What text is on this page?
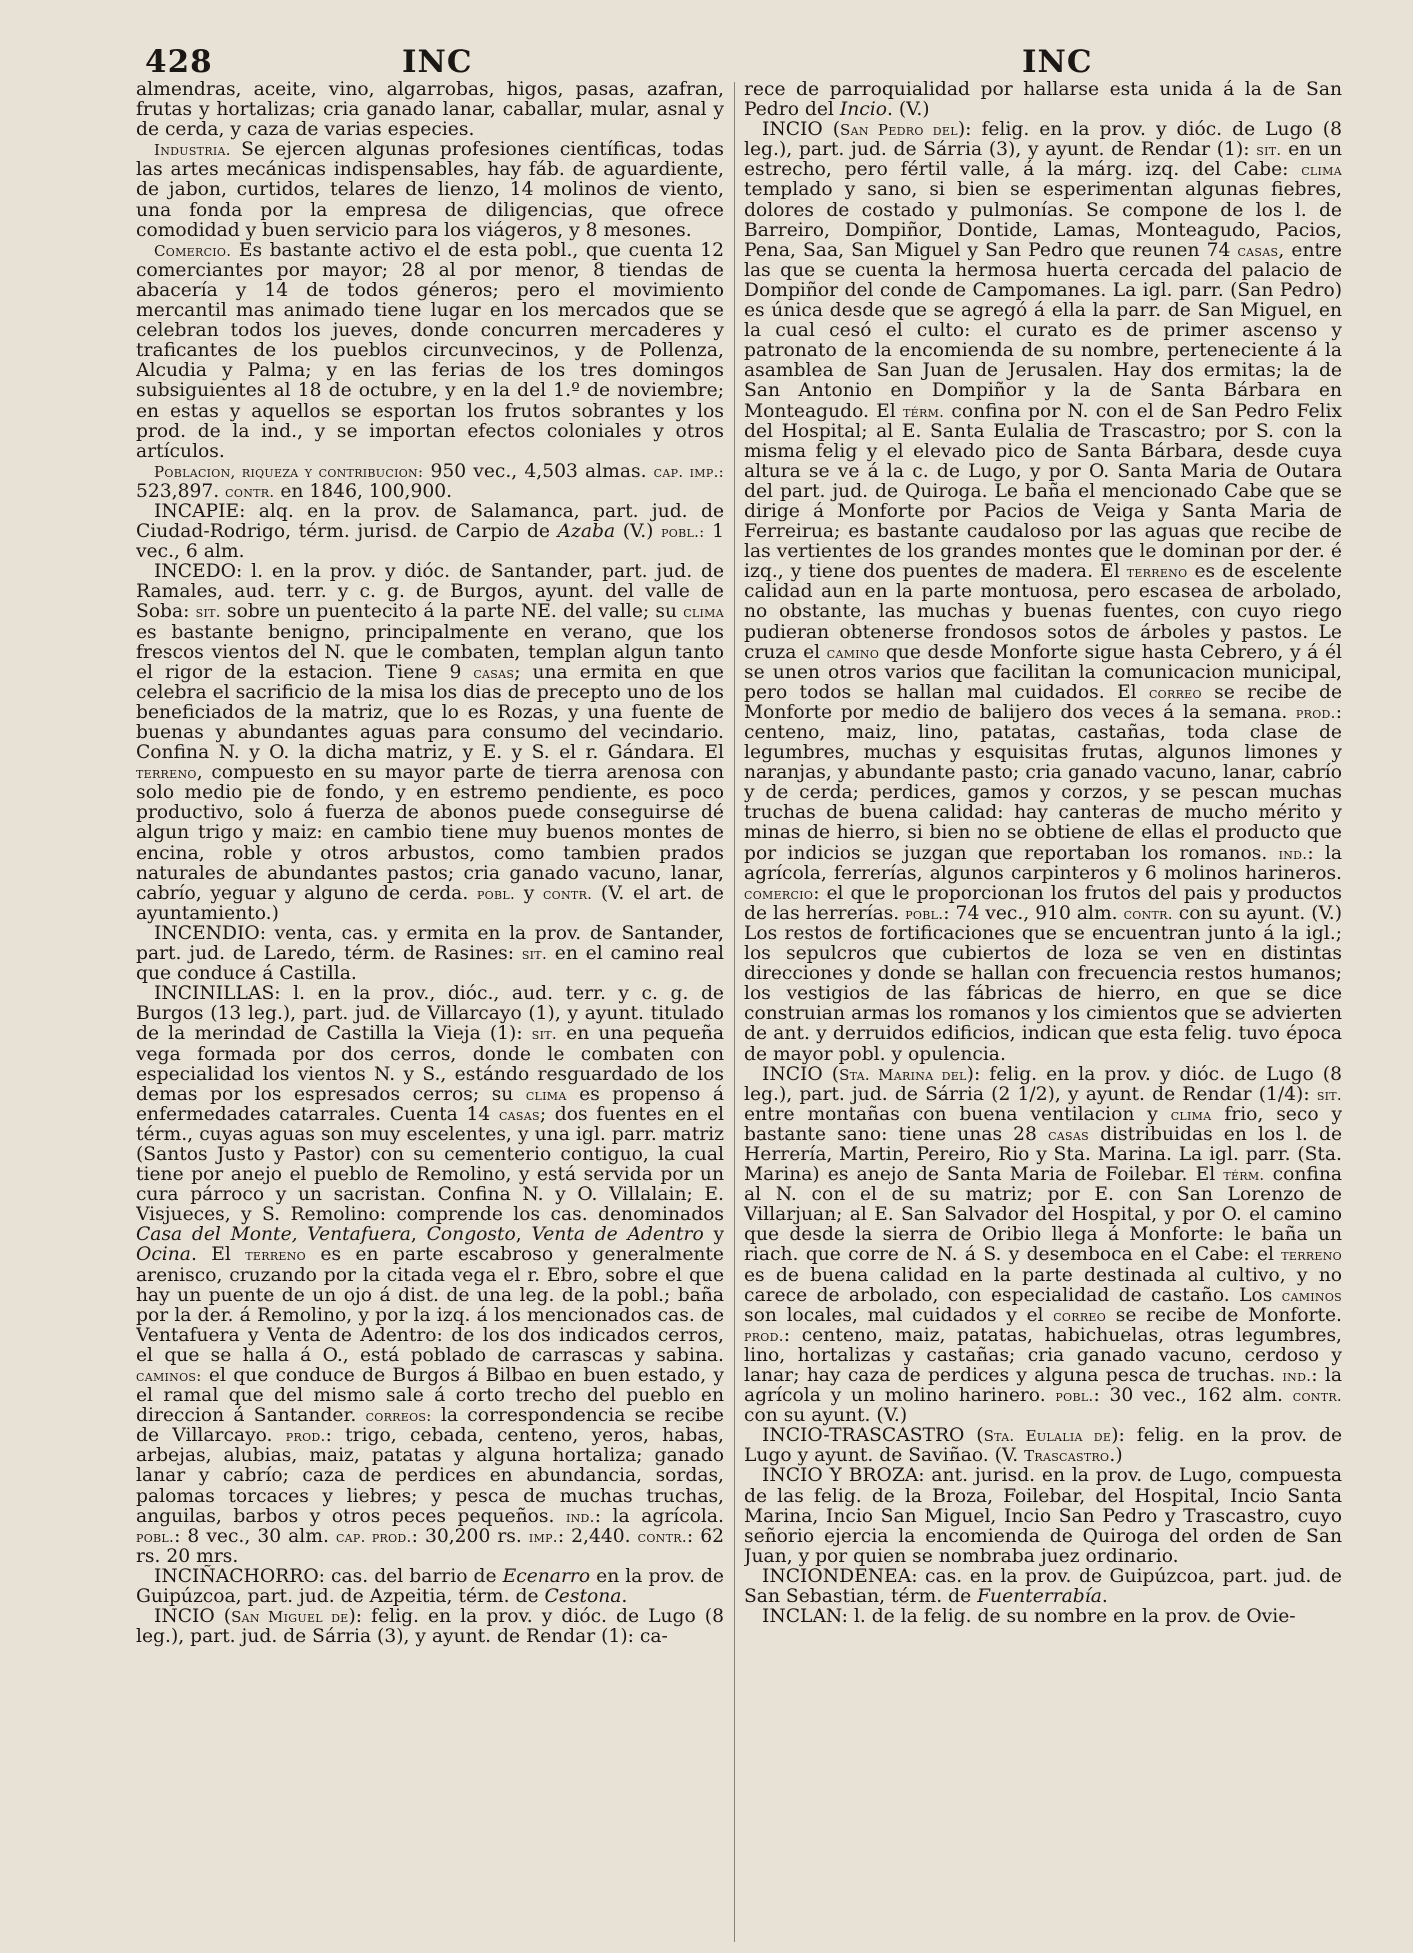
428	INC	INC

almendras, aceite, vino, algarrobas, higos, pasas, azafran, frutas y hortalizas; cria ganado lanar, caballar, mular, asnal y de cerda, y caza de varias especies.

Industria. Se ejercen algunas profesiones científicas, todas las artes mecánicas indispensables, hay fáb. de aguardiente, de jabon, curtidos, telares de lienzo, 14 molinos de viento, una fonda por la empresa de diligencias, que ofrece comodidad y buen servicio para los viágeros, y 8 mesones.

Comercio. Es bastante activo el de esta pobl., que cuenta 12 comerciantes por mayor; 28 al por menor, 8 tiendas de abacería y 14 de todos géneros; pero el movimiento mercantil mas animado tiene lugar en los mercados que se celebran todos los jueves, donde concurren mercaderes y traficantes de los pueblos circunvecinos, y de Pollenza, Alcudia y Palma; y en las ferias de los tres domingos subsiguientes al 18 de octubre, y en la del 1.º de noviembre; en estas y aquellos se esportan los frutos sobrantes y los prod. de la ind., y se importan efectos coloniales y otros artículos.

Poblacion, riqueza y contribucion: 950 vec., 4,503 almas. cap. imp.: 523,897. contr. en 1846, 100,900.

INCAPIE: alq. en la prov. de Salamanca, part. jud. de Ciudad-Rodrigo, térm. jurisd. de Carpio de Azaba (V.) pobl.: 1 vec., 6 alm.

INCEDO: l. en la prov. y dióc. de Santander, part. jud. de Ramales, aud. terr. y c. g. de Burgos, ayunt. del valle de Soba: sit. sobre un puentecito á la parte NE. del valle; su clima es bastante benigno, principalmente en verano, que los frescos vientos del N. que le combaten, templan algun tanto el rigor de la estacion. Tiene 9 casas; una ermita en que celebra el sacrificio de la misa los dias de precepto uno de los beneficiados de la matriz, que lo es Rozas, y una fuente de buenas y abundantes aguas para consumo del vecindario. Confina N. y O. la dicha matriz, y E. y S. el r. Gándara. El terreno, compuesto en su mayor parte de tierra arenosa con solo medio pie de fondo, y en estremo pendiente, es poco productivo, solo á fuerza de abonos puede conseguirse dé algun trigo y maiz: en cambio tiene muy buenos montes de encina, roble y otros arbustos, como tambien prados naturales de abundantes pastos; cria ganado vacuno, lanar, cabrío, yeguar y alguno de cerda. pobl. y contr. (V. el art. de ayuntamiento.)

INCENDIO: venta, cas. y ermita en la prov. de Santander, part. jud. de Laredo, térm. de Rasines: sit. en el camino real que conduce á Castilla.

INCINILLAS: l. en la prov., dióc., aud. terr. y c. g. de Burgos (13 leg.), part. jud. de Villarcayo (1), y ayunt. titulado de la merindad de Castilla la Vieja (1): sit. en una pequeña vega formada por dos cerros, donde le combaten con especialidad los vientos N. y S., estándo resguardado de los demas por los espresados cerros; su clima es propenso á enfermedades catarrales. Cuenta 14 casas; dos fuentes en el térm., cuyas aguas son muy escelentes, y una igl. parr. matriz (Santos Justo y Pastor) con su cementerio contiguo, la cual tiene por anejo el pueblo de Remolino, y está servida por un cura párroco y un sacristan. Confina N. y O. Villalain; E. Visjueces, y S. Remolino: comprende los cas. denominados Casa del Monte, Ventafuera, Congosto, Venta de Adentro y Ocina. El terreno es en parte escabroso y generalmente arenisco, cruzando por la citada vega el r. Ebro, sobre el que hay un puente de un ojo á dist. de una leg. de la pobl.; baña por la der. á Remolino, y por la izq. á los mencionados cas. de Ventafuera y Venta de Adentro: de los dos indicados cerros, el que se halla á O., está poblado de carrascas y sabina. caminos: el que conduce de Burgos á Bilbao en buen estado, y el ramal que del mismo sale á corto trecho del pueblo en direccion á Santander. correos: la correspondencia se recibe de Villarcayo. prod.: trigo, cebada, centeno, yeros, habas, arbejas, alubias, maiz, patatas y alguna hortaliza; ganado lanar y cabrío; caza de perdices en abundancia, sordas, palomas torcaces y liebres; y pesca de muchas truchas, anguilas, barbos y otros peces pequeños. ind.: la agrícola. pobl.: 8 vec., 30 alm. cap. prod.: 30,200 rs. imp.: 2,440. contr.: 62 rs. 20 mrs.

INCIÑACHORRO: cas. del barrio de Ecenarro en la prov. de Guipúzcoa, part. jud. de Azpeitia, térm. de Cestona.

INCIO (San Miguel de): felig. en la prov. y dióc. de Lugo (8 leg.), part. jud. de Sárria (3), y ayunt. de Rendar (1): ca-

rece de parroquialidad por hallarse esta unida á la de San Pedro del Incio. (V.)

INCIO (San Pedro del): felig. en la prov. y dióc. de Lugo (8 leg.), part. jud. de Sárria (3), y ayunt. de Rendar (1): sit. en un estrecho, pero fértil valle, á la márg. izq. del Cabe: clima templado y sano, si bien se esperimentan algunas fiebres, dolores de costado y pulmonías. Se compone de los l. de Barreiro, Dompiñor, Dontide, Lamas, Monteagudo, Pacios, Pena, Saa, San Miguel y San Pedro que reunen 74 casas, entre las que se cuenta la hermosa huerta cercada del palacio de Dompiñor del conde de Campomanes. La igl. parr. (San Pedro) es única desde que se agregó á ella la parr. de San Miguel, en la cual cesó el culto: el curato es de primer ascenso y patronato de la encomienda de su nombre, perteneciente á la asamblea de San Juan de Jerusalen. Hay dos ermitas; la de San Antonio en Dompiñor y la de Santa Bárbara en Monteagudo. El térm. confina por N. con el de San Pedro Felix del Hospital; al E. Santa Eulalia de Trascastro; por S. con la misma felig y el elevado pico de Santa Bárbara, desde cuya altura se ve á la c. de Lugo, y por O. Santa Maria de Outara del part. jud. de Quiroga. Le baña el mencionado Cabe que se dirige á Monforte por Pacios de Veiga y Santa Maria de Ferreirua; es bastante caudaloso por las aguas que recibe de las vertientes de los grandes montes que le dominan por der. é izq., y tiene dos puentes de madera. El terreno es de escelente calidad aun en la parte montuosa, pero escasea de arbolado, no obstante, las muchas y buenas fuentes, con cuyo riego pudieran obtenerse frondosos sotos de árboles y pastos. Le cruza el camino que desde Monforte sigue hasta Cebrero, y á él se unen otros varios que facilitan la comunicacion municipal, pero todos se hallan mal cuidados. El correo se recibe de Monforte por medio de balijero dos veces á la semana. prod.: centeno, maiz, lino, patatas, castañas, toda clase de legumbres, muchas y esquisitas frutas, algunos limones y naranjas, y abundante pasto; cria ganado vacuno, lanar, cabrío y de cerda; perdices, gamos y corzos, y se pescan muchas truchas de buena calidad: hay canteras de mucho mérito y minas de hierro, si bien no se obtiene de ellas el producto que por indicios se juzgan que reportaban los romanos. ind.: la agrícola, ferrerías, algunos carpinteros y 6 molinos harineros. comercio: el que le proporcionan los frutos del pais y productos de las herrerías. pobl.: 74 vec., 910 alm. contr. con su ayunt. (V.) Los restos de fortificaciones que se encuentran junto á la igl.; los sepulcros que cubiertos de loza se ven en distintas direcciones y donde se hallan con frecuencia restos humanos; los vestigios de las fábricas de hierro, en que se dice construian armas los romanos y los cimientos que se advierten de ant. y derruidos edificios, indican que esta felig. tuvo época de mayor pobl. y opulencia.

INCIO (Sta. Marina del): felig. en la prov. y dióc. de Lugo (8 leg.), part. jud. de Sárria (2 1/2), y ayunt. de Rendar (1/4): sit. entre montañas con buena ventilacion y clima frio, seco y bastante sano: tiene unas 28 casas distribuidas en los l. de Herrería, Martin, Pereiro, Rio y Sta. Marina. La igl. parr. (Sta. Marina) es anejo de Santa Maria de Foilebar. El térm. confina al N. con el de su matriz; por E. con San Lorenzo de Villarjuan; al E. San Salvador del Hospital, y por O. el camino que desde la sierra de Oribio llega á Monforte: le baña un riach. que corre de N. á S. y desemboca en el Cabe: el terreno es de buena calidad en la parte destinada al cultivo, y no carece de arbolado, con especialidad de castaño. Los caminos son locales, mal cuidados y el correo se recibe de Monforte. prod.: centeno, maiz, patatas, habichuelas, otras legumbres, lino, hortalizas y castañas; cria ganado vacuno, cerdoso y lanar; hay caza de perdices y alguna pesca de truchas. ind.: la agrícola y un molino harinero. pobl.: 30 vec., 162 alm. contr. con su ayunt. (V.)

INCIO-TRASCASTRO (Sta. Eulalia de): felig. en la prov. de Lugo y ayunt. de Saviñao. (V. Trascastro.)

INCIO Y BROZA: ant. jurisd. en la prov. de Lugo, compuesta de las felig. de la Broza, Foilebar, del Hospital, Incio Santa Marina, Incio San Miguel, Incio San Pedro y Trascastro, cuyo señorio ejercia la encomienda de Quiroga del orden de San Juan, y por quien se nombraba juez ordinario.

INCIONDENEA: cas. en la prov. de Guipúzcoa, part. jud. de San Sebastian, térm. de Fuenterrabía.

INCLAN: l. de la felig. de su nombre en la prov. de Ovie-
